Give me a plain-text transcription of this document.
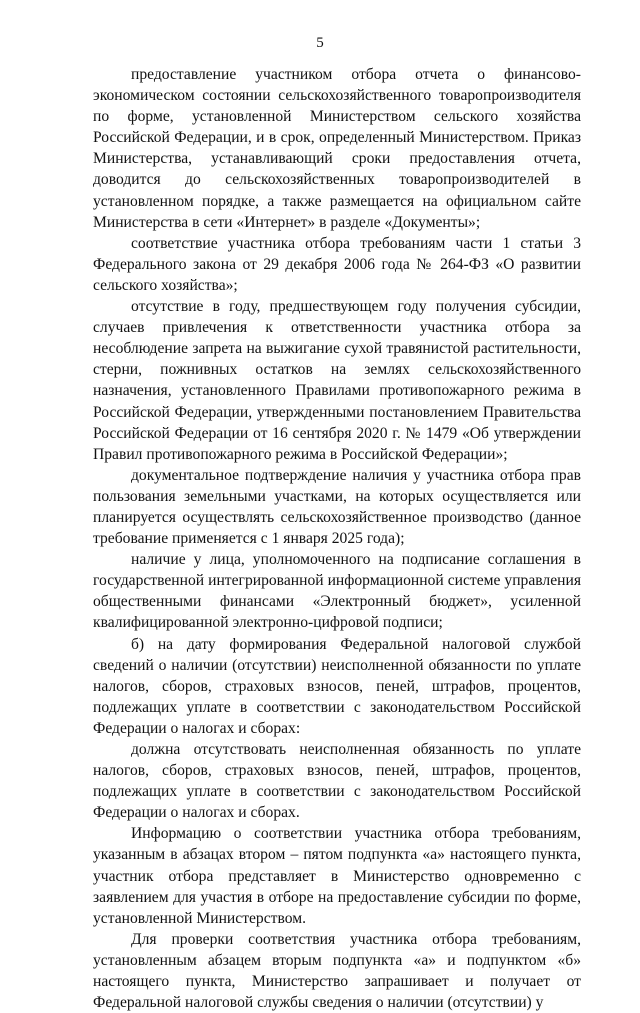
5

предоставление участником отбора отчета о финансово-экономическом состоянии сельскохозяйственного товаропроизводителя по форме, установленной Министерством сельского хозяйства Российской Федерации, и в срок, определенный Министерством. Приказ Министерства, устанавливающий сроки предоставления отчета, доводится до сельскохозяйственных товаропроизводителей в установленном порядке, а также размещается на официальном сайте Министерства в сети «Интернет» в разделе «Документы»;

соответствие участника отбора требованиям части 1 статьи 3 Федерального закона от 29 декабря 2006 года № 264-ФЗ «О развитии сельского хозяйства»;

отсутствие в году, предшествующем году получения субсидии, случаев привлечения к ответственности участника отбора за несоблюдение запрета на выжигание сухой травянистой растительности, стерни, пожнивных остатков на землях сельскохозяйственного назначения, установленного Правилами противопожарного режима в Российской Федерации, утвержденными постановлением Правительства Российской Федерации от 16 сентября 2020 г. № 1479 «Об утверждении Правил противопожарного режима в Российской Федерации»;

документальное подтверждение наличия у участника отбора прав пользования земельными участками, на которых осуществляется или планируется осуществлять сельскохозяйственное производство (данное требование применяется с 1 января 2025 года);

наличие у лица, уполномоченного на подписание соглашения в государственной интегрированной информационной системе управления общественными финансами «Электронный бюджет», усиленной квалифицированной электронно-цифровой подписи;

б) на дату формирования Федеральной налоговой службой сведений о наличии (отсутствии) неисполненной обязанности по уплате налогов, сборов, страховых взносов, пеней, штрафов, процентов, подлежащих уплате в соответствии с законодательством Российской Федерации о налогах и сборах:

должна отсутствовать неисполненная обязанность по уплате налогов, сборов, страховых взносов, пеней, штрафов, процентов, подлежащих уплате в соответствии с законодательством Российской Федерации о налогах и сборах.

Информацию о соответствии участника отбора требованиям, указанным в абзацах втором – пятом подпункта «а» настоящего пункта, участник отбора представляет в Министерство одновременно с заявлением для участия в отборе на предоставление субсидии по форме, установленной Министерством.

Для проверки соответствия участника отбора требованиям, установленным абзацем вторым подпункта «а» и подпунктом «б» настоящего пункта, Министерство запрашивает и получает от Федеральной налоговой службы сведения о наличии (отсутствии) у
